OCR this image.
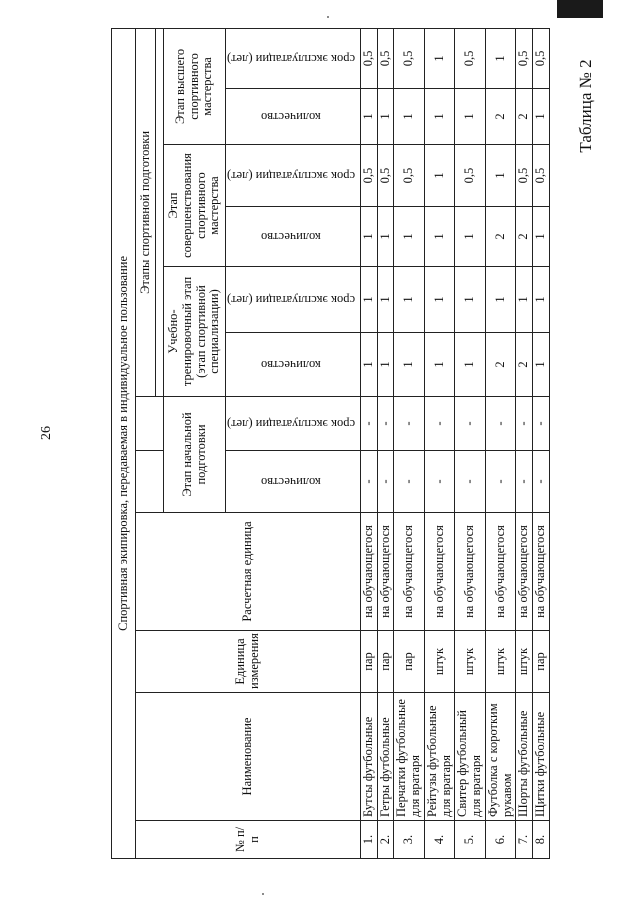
Таблица № 2
26	Спортивная экипировка, передаваемая в индивидуальное пользование											
№ п/п	Наименование	Единица измерения	Расчетная единица			Этапы спортивной подготовки					

				Этап начальной подготовки		Учебно-тренировочный этап (этап спортивной специализации)		Этап совершенствования спортивного мастерства		Этап высшего спортивного мастерства	
				количество	срок эксплуатации (лет)	количество	срок эксплуатации (лет)	количество	срок эксплуатации (лет)	количество	срок эксплуатации (лет)
1.	Бутсы футбольные	пар	на обучающегося	-	-	1	1	1	0,5	1	0,5
2.	Гетры футбольные	пар	на обучающегося	-	-	1	1	1	0,5	1	0,5
3.	Перчатки футбольные для вратаря	пар	на обучающегося	-	-	1	1	1	0,5	1	0,5
4.	Рейтузы футбольные для вратаря	штук	на обучающегося	-	-	1	1	1	1	1	1
5.	Свитер футбольный для вратаря	штук	на обучающегося	-	-	1	1	1	0,5	1	0,5
6.	Футболка с коротким рукавом	штук	на обучающегося	-	-	2	1	2	1	2	1
7.	Шорты футбольные	штук	на обучающегося	-	-	2	1	2	0,5	2	0,5
8.	Щитки футбольные	пар	на обучающегося	-	-	1	1	1	0,5	1	0,5
